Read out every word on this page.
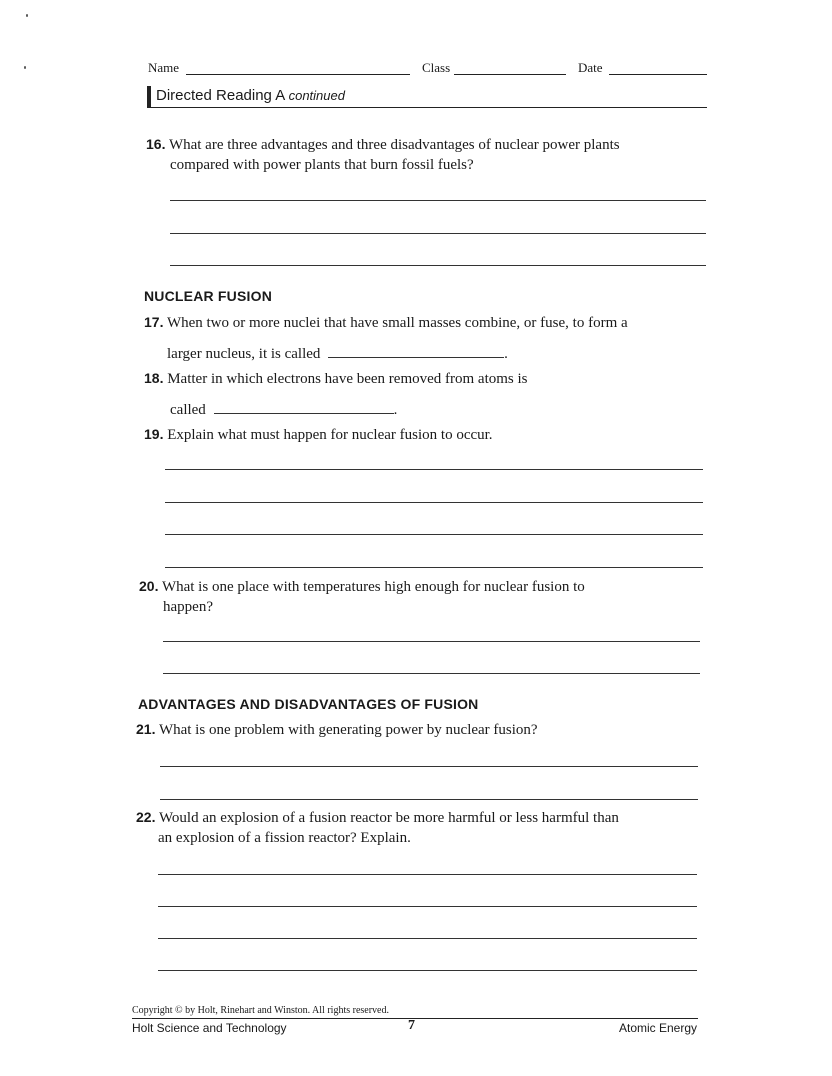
Name	Class	Date
Directed Reading A continued
16. What are three advantages and three disadvantages of nuclear power plants
compared with power plants that burn fossil fuels?
NUCLEAR FUSION
17. When two or more nuclei that have small masses combine, or fuse, to form a
larger nucleus, it is called	.
18. Matter in which electrons have been removed from atoms is
called	.
19. Explain what must happen for nuclear fusion to occur.
20. What is one place with temperatures high enough for nuclear fusion to
happen?
ADVANTAGES AND DISADVANTAGES OF FUSION
21. What is one problem with generating power by nuclear fusion?
22. Would an explosion of a fusion reactor be more harmful or less harmful than
an explosion of a fission reactor? Explain.
Copyright © by Holt, Rinehart and Winston. All rights reserved.
Holt Science and Technology	7	Atomic Energy
